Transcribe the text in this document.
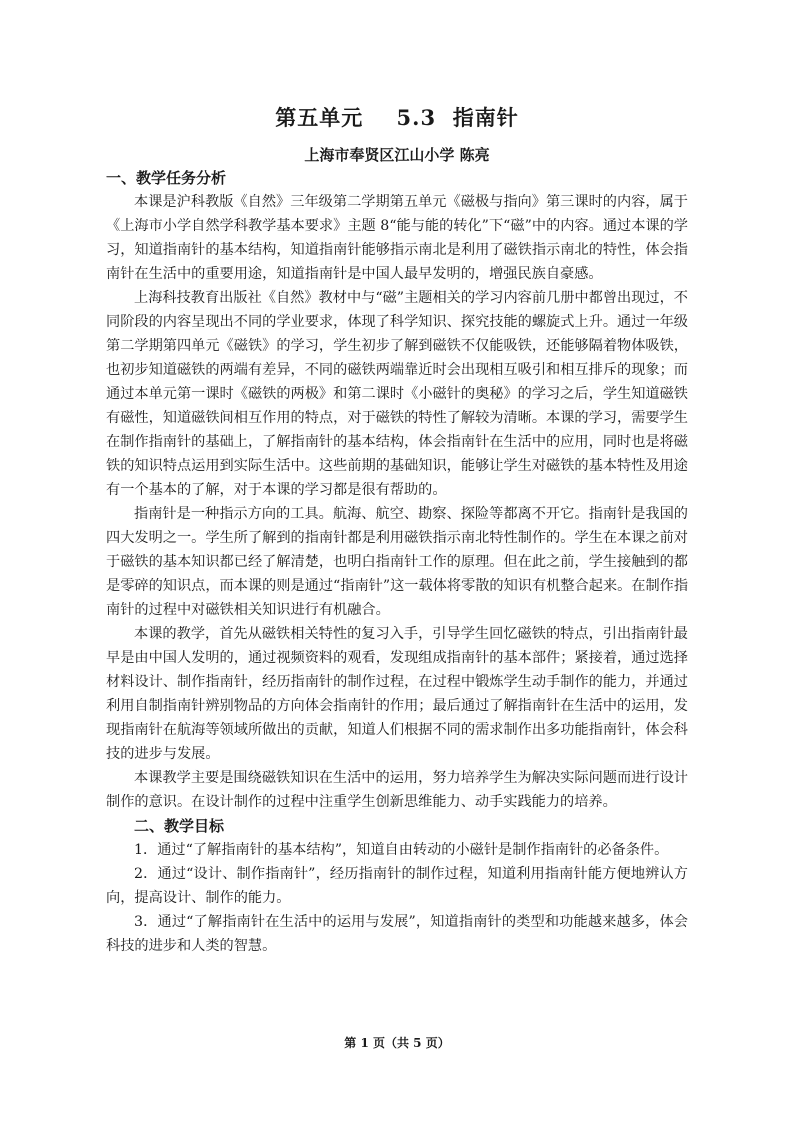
第五单元    5.3  指南针
上海市奉贤区江山小学 陈亮
一、教学任务分析

本课是沪科教版《自然》三年级第二学期第五单元《磁极与指向》第三课时的内容，属于《上海市小学自然学科教学基本要求》主题 8“能与能的转化”下“磁”中的内容。通过本课的学习，知道指南针的基本结构，知道指南针能够指示南北是利用了磁铁指示南北的特性，体会指南针在生活中的重要用途，知道指南针是中国人最早发明的，增强民族自豪感。

上海科技教育出版社《自然》教材中与“磁”主题相关的学习内容前几册中都曾出现过，不同阶段的内容呈现出不同的学业要求，体现了科学知识、探究技能的螺旋式上升。通过一年级第二学期第四单元《磁铁》的学习，学生初步了解到磁铁不仅能吸铁，还能够隔着物体吸铁，也初步知道磁铁的两端有差异，不同的磁铁两端靠近时会出现相互吸引和相互排斥的现象；而通过本单元第一课时《磁铁的两极》和第二课时《小磁针的奥秘》的学习之后，学生知道磁铁有磁性，知道磁铁间相互作用的特点，对于磁铁的特性了解较为清晰。本课的学习，需要学生在制作指南针的基础上，了解指南针的基本结构，体会指南针在生活中的应用，同时也是将磁铁的知识特点运用到实际生活中。这些前期的基础知识，能够让学生对磁铁的基本特性及用途有一个基本的了解，对于本课的学习都是很有帮助的。

指南针是一种指示方向的工具。航海、航空、勘察、探险等都离不开它。指南针是我国的四大发明之一。学生所了解到的指南针都是利用磁铁指示南北特性制作的。学生在本课之前对于磁铁的基本知识都已经了解清楚，也明白指南针工作的原理。但在此之前，学生接触到的都是零碎的知识点，而本课的则是通过“指南针”这一载体将零散的知识有机整合起来。在制作指南针的过程中对磁铁相关知识进行有机融合。

本课的教学，首先从磁铁相关特性的复习入手，引导学生回忆磁铁的特点，引出指南针最早是由中国人发明的，通过视频资料的观看，发现组成指南针的基本部件；紧接着，通过选择材料设计、制作指南针，经历指南针的制作过程，在过程中锻炼学生动手制作的能力，并通过利用自制指南针辨别物品的方向体会指南针的作用；最后通过了解指南针在生活中的运用，发现指南针在航海等领域所做出的贡献，知道人们根据不同的需求制作出多功能指南针，体会科技的进步与发展。

本课教学主要是围绕磁铁知识在生活中的运用，努力培养学生为解决实际问题而进行设计制作的意识。在设计制作的过程中注重学生创新思维能力、动手实践能力的培养。

二、教学目标

1．通过“了解指南针的基本结构”，知道自由转动的小磁针是制作指南针的必备条件。

2．通过“设计、制作指南针”，经历指南针的制作过程，知道利用指南针能方便地辨认方向，提高设计、制作的能力。

3．通过“了解指南针在生活中的运用与发展”，知道指南针的类型和功能越来越多，体会科技的进步和人类的智慧。

第 1 页（共 5 页）
